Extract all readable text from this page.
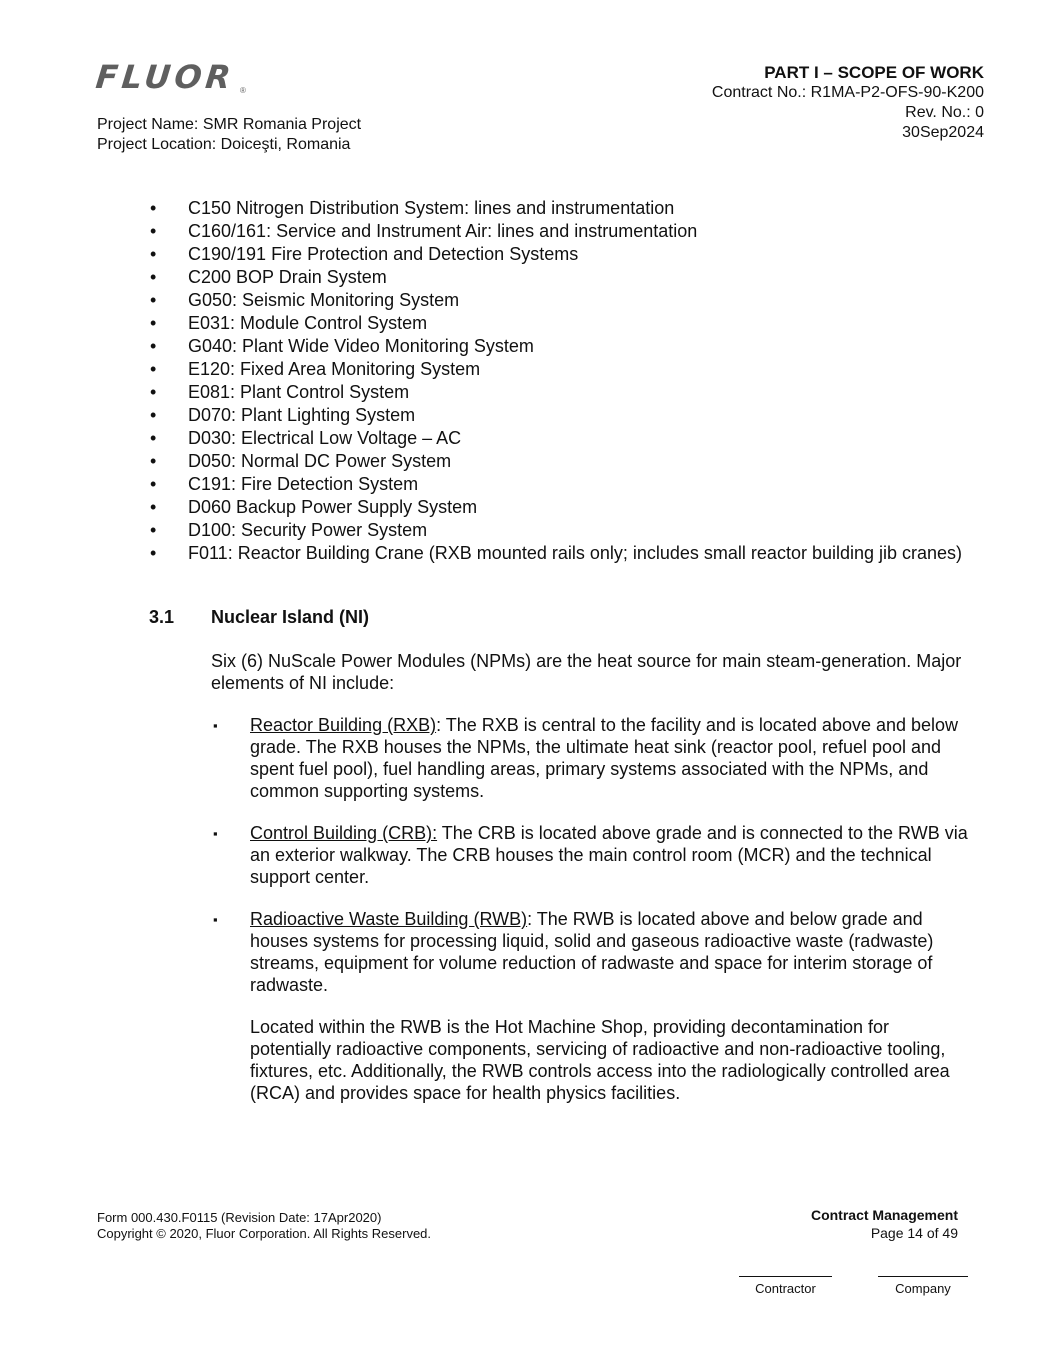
FLUOR ®
Project Name: SMR Romania Project
Project Location: Doiceşti, Romania
PART I – SCOPE OF WORK
Contract No.: R1MA-P2-OFS-90-K200
Rev. No.: 0
30Sep2024
• C150 Nitrogen Distribution System: lines and instrumentation
• C160/161: Service and Instrument Air: lines and instrumentation
• C190/191 Fire Protection and Detection Systems
• C200 BOP Drain System
• G050: Seismic Monitoring System
• E031: Module Control System
• G040: Plant Wide Video Monitoring System
• E120: Fixed Area Monitoring System
• E081: Plant Control System
• D070: Plant Lighting System
• D030: Electrical Low Voltage – AC
• D050: Normal DC Power System
• C191: Fire Detection System
• D060 Backup Power Supply System
• D100: Security Power System
• F011: Reactor Building Crane (RXB mounted rails only; includes small reactor building jib cranes)
3.1 Nuclear Island (NI)

Six (6) NuScale Power Modules (NPMs) are the heat source for main steam-generation. Major elements of NI include:

▪ Reactor Building (RXB): The RXB is central to the facility and is located above and below grade. The RXB houses the NPMs, the ultimate heat sink (reactor pool, refuel pool and spent fuel pool), fuel handling areas, primary systems associated with the NPMs, and common supporting systems.

▪ Control Building (CRB): The CRB is located above grade and is connected to the RWB via an exterior walkway. The CRB houses the main control room (MCR) and the technical support center.

▪ Radioactive Waste Building (RWB): The RWB is located above and below grade and houses systems for processing liquid, solid and gaseous radioactive waste (radwaste) streams, equipment for volume reduction of radwaste and space for interim storage of radwaste.

Located within the RWB is the Hot Machine Shop, providing decontamination for potentially radioactive components, servicing of radioactive and non-radioactive tooling, fixtures, etc. Additionally, the RWB controls access into the radiologically controlled area (RCA) and provides space for health physics facilities.

Form 000.430.F0115 (Revision Date: 17Apr2020)
Copyright © 2020, Fluor Corporation. All Rights Reserved.
Contract Management
Page 14 of 49
Contractor	Company
